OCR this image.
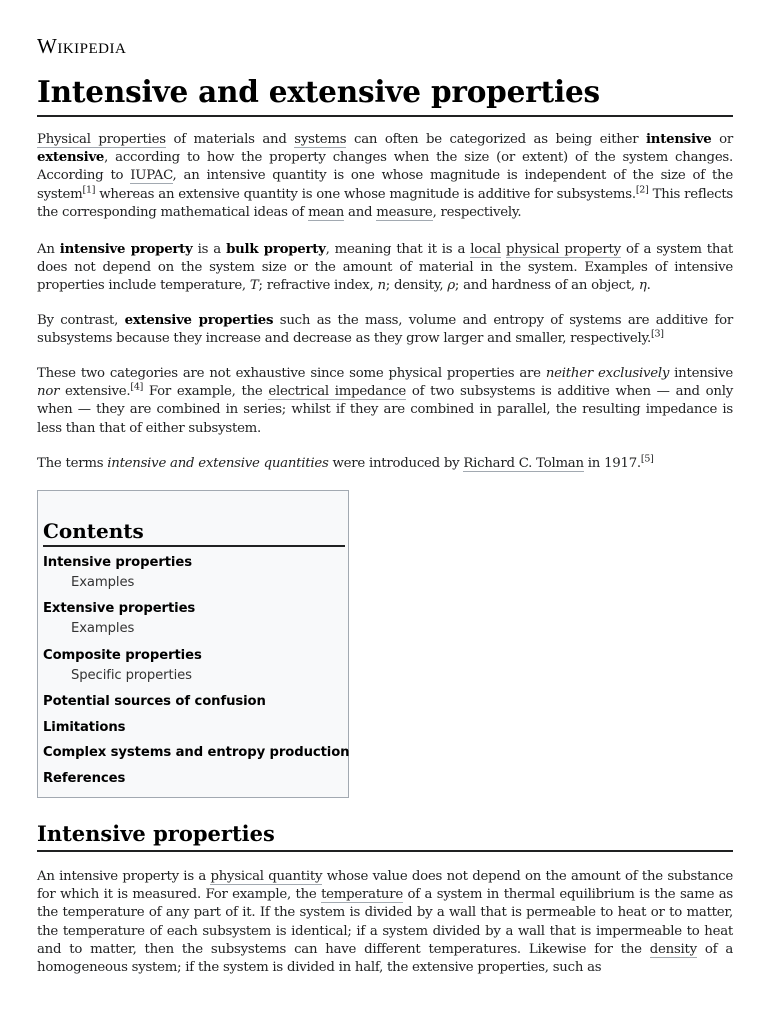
Wikipedia
Intensive and extensive properties

Physical properties of materials and systems can often be categorized as being either intensive or extensive, according to how the property changes when the size (or extent) of the system changes. According to IUPAC, an intensive quantity is one whose magnitude is independent of the size of the system[1] whereas an extensive quantity is one whose magnitude is additive for subsystems.[2] This reflects the corresponding mathematical ideas of mean and measure, respectively.

An intensive property is a bulk property, meaning that it is a local physical property of a system that does not depend on the system size or the amount of material in the system. Examples of intensive properties include temperature, T; refractive index, n; density, ρ; and hardness of an object, η.

By contrast, extensive properties such as the mass, volume and entropy of systems are additive for subsystems because they increase and decrease as they grow larger and smaller, respectively.[3]

These two categories are not exhaustive since some physical properties are neither exclusively intensive nor extensive.[4] For example, the electrical impedance of two subsystems is additive when — and only when — they are combined in series; whilst if they are combined in parallel, the resulting impedance is less than that of either subsystem.

The terms intensive and extensive quantities were introduced by Richard C. Tolman in 1917.[5]

Contents
Intensive properties
Examples
Extensive properties
Examples
Composite properties
Specific properties
Potential sources of confusion
Limitations
Complex systems and entropy production
References
Intensive properties

An intensive property is a physical quantity whose value does not depend on the amount of the substance for which it is measured. For example, the temperature of a system in thermal equilibrium is the same as the temperature of any part of it. If the system is divided by a wall that is permeable to heat or to matter, the temperature of each subsystem is identical; if a system divided by a wall that is impermeable to heat and to matter, then the subsystems can have different temperatures. Likewise for the density of a homogeneous system; if the system is divided in half, the extensive properties, such as
